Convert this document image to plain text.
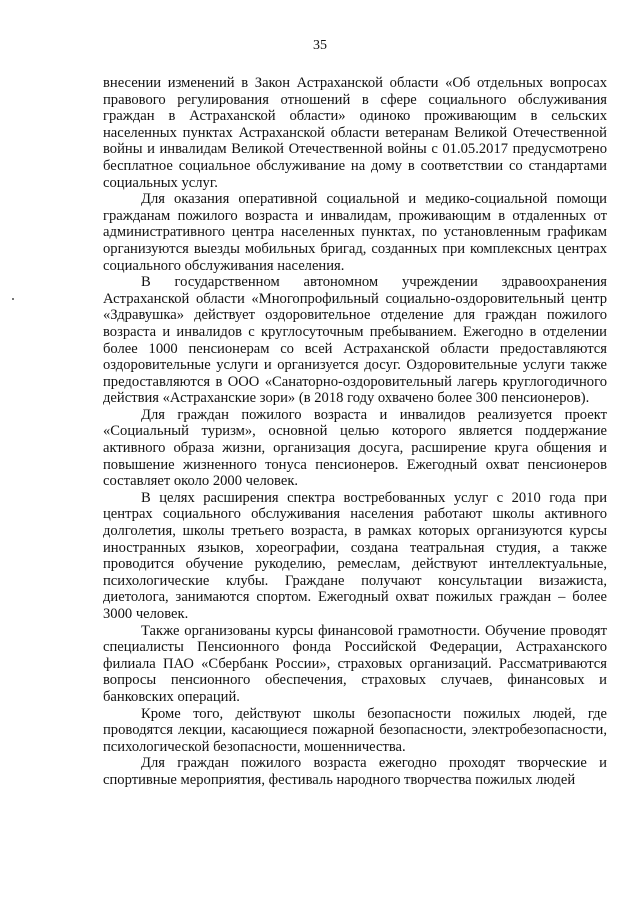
35

внесении изменений в Закон Астраханской области «Об отдельных вопросах правового регулирования отношений в сфере социального обслуживания граждан в Астраханской области» одиноко проживающим в сельских населенных пунктах Астраханской области ветеранам Великой Отечественной войны и инвалидам Великой Отечественной войны с 01.05.2017 предусмотрено бесплатное социальное обслуживание на дому в соответствии со стандартами социальных услуг.

Для оказания оперативной социальной и медико-социальной помощи гражданам пожилого возраста и инвалидам, проживающим в отдаленных от административного центра населенных пунктах, по установленным графикам организуются выезды мобильных бригад, созданных при комплексных центрах социального обслуживания населения.

В государственном автономном учреждении здравоохранения Астраханской области «Многопрофильный социально-оздоровительный центр «Здравушка» действует оздоровительное отделение для граждан пожилого возраста и инвалидов с круглосуточным пребыванием. Ежегодно в отделении более 1000 пенсионерам со всей Астраханской области предоставляются оздоровительные услуги и организуется досуг. Оздоровительные услуги также предоставляются в ООО «Санаторно-оздоровительный лагерь круглогодичного действия «Астраханские зори» (в 2018 году охвачено более 300 пенсионеров).

Для граждан пожилого возраста и инвалидов реализуется проект «Социальный туризм», основной целью которого является поддержание активного образа жизни, организация досуга, расширение круга общения и повышение жизненного тонуса пенсионеров. Ежегодный охват пенсионеров составляет около 2000 человек.

В целях расширения спектра востребованных услуг с 2010 года при центрах социального обслуживания населения работают школы активного долголетия, школы третьего возраста, в рамках которых организуются курсы иностранных языков, хореографии, создана театральная студия, а также проводится обучение рукоделию, ремеслам, действуют интеллектуальные, психологические клубы. Граждане получают консультации визажиста, диетолога, занимаются спортом. Ежегодный охват пожилых граждан – более 3000 человек.

Также организованы курсы финансовой грамотности. Обучение проводят специалисты Пенсионного фонда Российской Федерации, Астраханского филиала ПАО «Сбербанк России», страховых организаций. Рассматриваются вопросы пенсионного обеспечения, страховых случаев, финансовых и банковских операций.

Кроме того, действуют школы безопасности пожилых людей, где проводятся лекции, касающиеся пожарной безопасности, электробезопасности, психологической безопасности, мошенничества.

Для граждан пожилого возраста ежегодно проходят творческие и спортивные мероприятия, фестиваль народного творчества пожилых людей
